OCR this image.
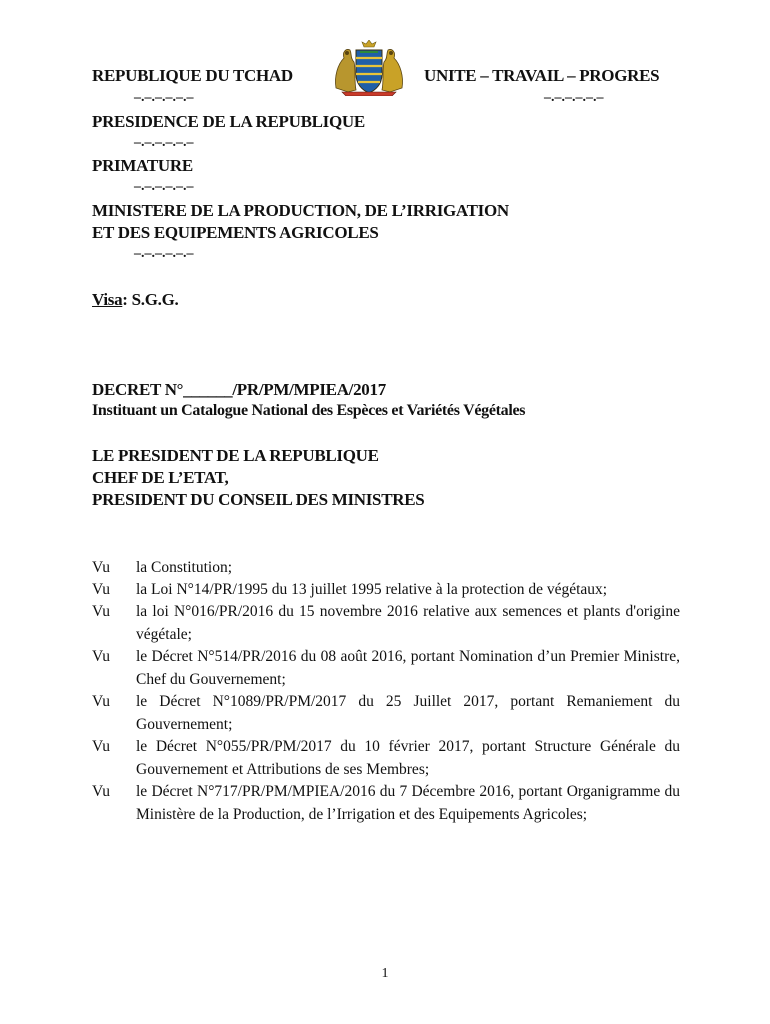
REPUBLIQUE DU TCHAD	UNITE – TRAVAIL – PROGRES
–.–.–.–.–.–	–.–.–.–.–.–
PRESIDENCE DE LA REPUBLIQUE
–.–.–.–.–.–
PRIMATURE
–.–.–.–.–.–
MINISTERE DE LA PRODUCTION, DE L’IRRIGATION
ET DES EQUIPEMENTS AGRICOLES
–.–.–.–.–.–
Visa: S.G.G.
DECRET N°______/PR/PM/MPIEA/2017
Instituant un Catalogue National des Espèces et Variétés Végétales
LE PRESIDENT DE LA REPUBLIQUE
CHEF DE L’ETAT,
PRESIDENT DU CONSEIL DES MINISTRES
Vu la Constitution;
Vu la Loi N°14/PR/1995 du 13 juillet 1995 relative à la protection de végétaux;
Vu la loi N°016/PR/2016 du 15 novembre 2016 relative aux semences et plants d'origine végétale;
Vu le Décret N°514/PR/2016 du 08 août 2016, portant Nomination d’un Premier Ministre, Chef du Gouvernement;
Vu le Décret N°1089/PR/PM/2017 du 25 Juillet 2017, portant Remaniement du Gouvernement;
Vu le Décret N°055/PR/PM/2017 du 10 février 2017, portant Structure Générale du Gouvernement et Attributions de ses Membres;
Vu le Décret N°717/PR/PM/MPIEA/2016 du 7 Décembre 2016, portant Organigramme du Ministère de la Production, de l’Irrigation et des Equipements Agricoles;
1
